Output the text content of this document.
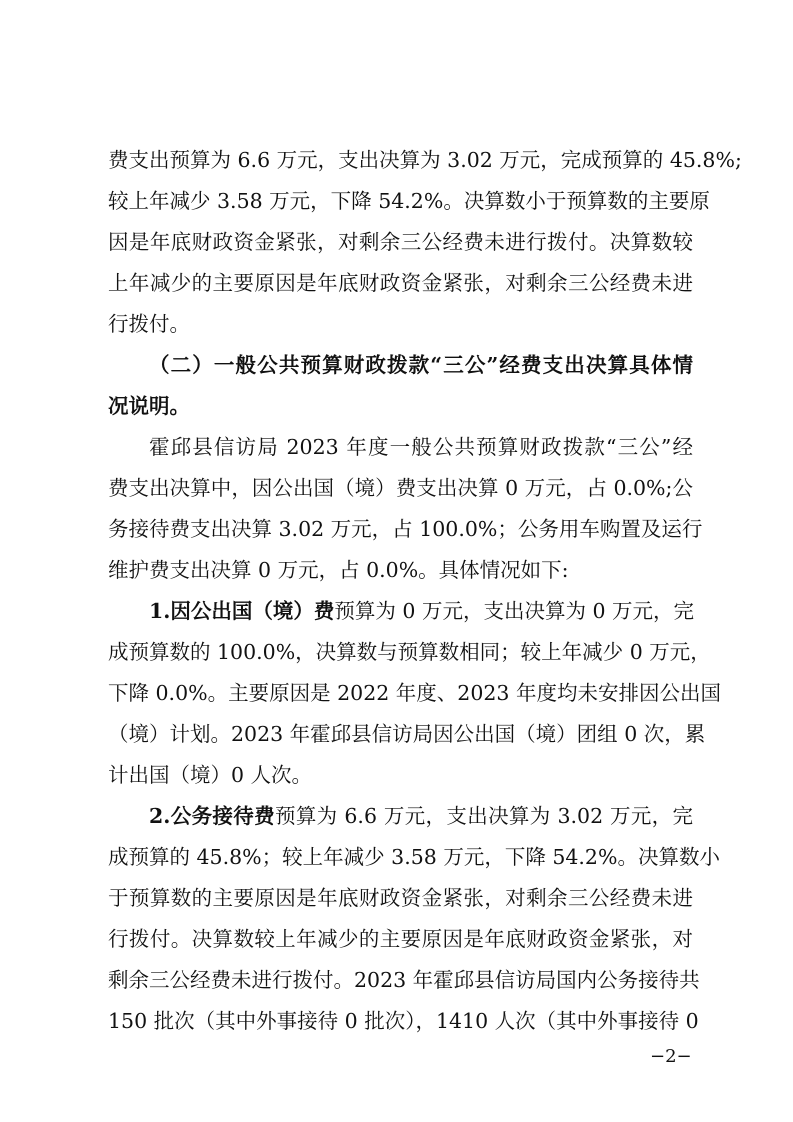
费支出预算为 6.6 万元，支出决算为 3.02 万元，完成预算的 45.8%;
较上年减少 3.58 万元，下降 54.2%。决算数小于预算数的主要原
因是年底财政资金紧张，对剩余三公经费未进行拨付。决算数较
上年减少的主要原因是年底财政资金紧张，对剩余三公经费未进
行拨付。
（二）一般公共预算财政拨款“三公”经费支出决算具体情
况说明。
霍邱县信访局 2023 年度一般公共预算财政拨款“三公”经
费支出决算中，因公出国（境）费支出决算 0 万元，占 0.0%;公
务接待费支出决算 3.02 万元，占 100.0%；公务用车购置及运行
维护费支出决算 0 万元，占 0.0%。具体情况如下:
1.因公出国（境）费预算为 0 万元，支出决算为 0 万元，完
成预算数的 100.0%，决算数与预算数相同；较上年减少 0 万元，
下降 0.0%。主要原因是 2022 年度、2023 年度均未安排因公出国
（境）计划。2023 年霍邱县信访局因公出国（境）团组 0 次，累
计出国（境）0 人次。
2.公务接待费预算为 6.6 万元，支出决算为 3.02 万元，完
成预算的 45.8%；较上年减少 3.58 万元，下降 54.2%。决算数小
于预算数的主要原因是年底财政资金紧张，对剩余三公经费未进
行拨付。决算数较上年减少的主要原因是年底财政资金紧张，对
剩余三公经费未进行拨付。2023 年霍邱县信访局国内公务接待共
150 批次（其中外事接待 0 批次），1410 人次（其中外事接待 0
−2−
